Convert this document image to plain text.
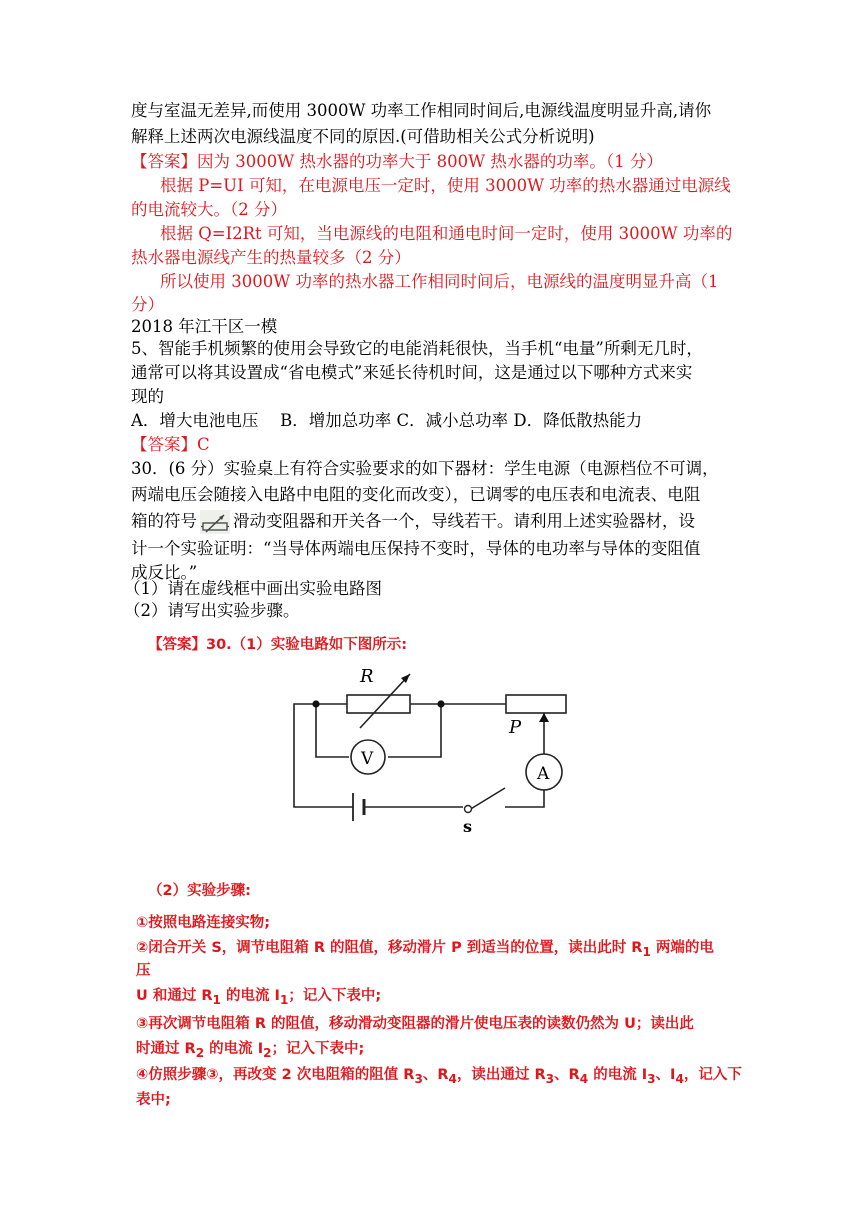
度与室温无差异,而使用 3000W 功率工作相同时间后,电源线温度明显升高,请你
解释上述两次电源线温度不同的原因.(可借助相关公式分析说明)
【答案】因为 3000W 热水器的功率大于 800W 热水器的功率。（1 分）
根据 P=UI 可知，在电源电压一定时，使用 3000W 功率的热水器通过电源线
的电流较大。（2 分）
根据 Q=I2Rt 可知，当电源线的电阻和通电时间一定时，使用 3000W 功率的
热水器电源线产生的热量较多（2 分）
所以使用 3000W 功率的热水器工作相同时间后，电源线的温度明显升高（1
分）
2018 年江干区一模
5、智能手机频繁的使用会导致它的电能消耗很快，当手机“电量”所剩无几时，
通常可以将其设置成“省电模式”来延长待机时间，这是通过以下哪种方式来实
现的
A．增大电池电压　 B．增加总功率 C．减小总功率 D．降低散热能力
【答案】C
30．(6 分）实验桌上有符合实验要求的如下器材：学生电源（电源档位不可调，
两端电压会随接入电路中电阻的变化而改变），已调零的电压表和电流表、电阻
箱的符号 滑动变阻器和开关各一个，导线若干。请利用上述实验器材，设
计一个实验证明：“当导体两端电压保持不变时，导体的电功率与导体的变阻值
成反比。”
（1）请在虚线框中画出实验电路图
（2）请写出实验步骤。
【答案】30.（1）实验电路如下图所示:
R
V
A
P
s
（2）实验步骤:
①按照电路连接实物;
②闭合开关 S，调节电阻箱 R 的阻值，移动滑片 P 到适当的位置，读出此时 $R_1$ 两端的电
压
U 和通过 $R_1$ 的电流 $I_1$；记入下表中;
③再次调节电阻箱 R 的阻值，移动滑动变阻器的滑片使电压表的读数仍然为 U；读出此
时通过 $R_2$ 的电流 $I_2$；记入下表中;
④仿照步骤③，再改变 2 次电阻箱的阻值 $R_3$、$R_4$，读出通过 $R_3$、$R_4$ 的电流 $I_3$、$I_4$，记入下
表中;
